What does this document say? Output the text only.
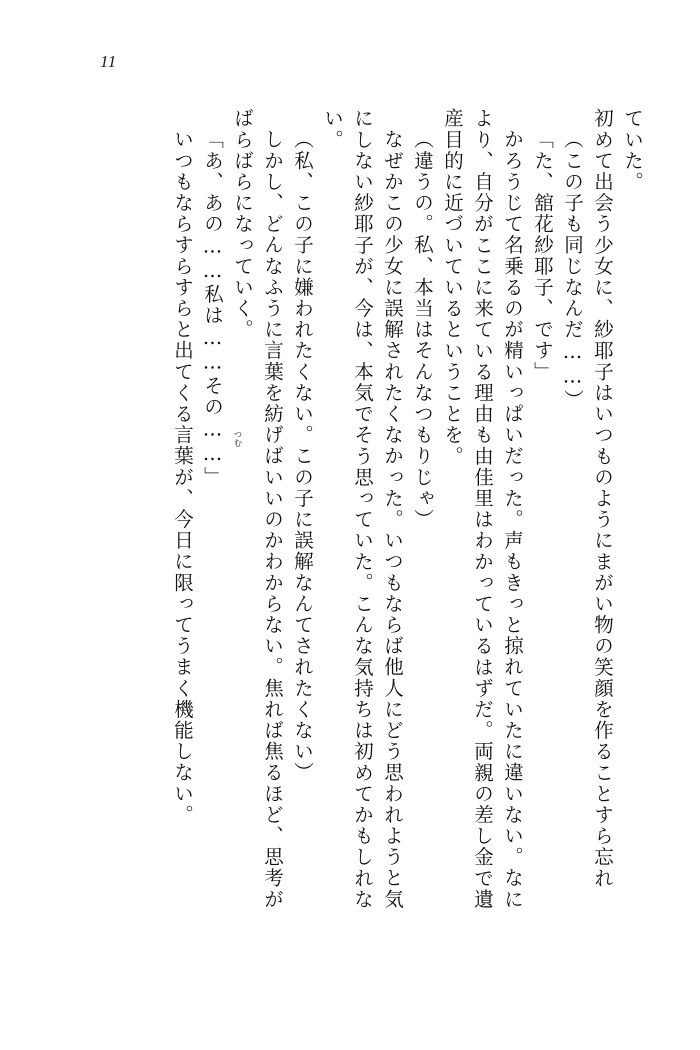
11
ていた。
初めて出会う少女に、紗耶子はいつものようにまがい物の笑顔を作ることすら忘れ
（この子も同じなんだ……）
「た、舘花紗耶子、です」
かろうじて名乗るのが精いっぱいだった。声もきっと掠れていたに違いない。なに
より、自分がここに来ている理由も由佳里はわかっているはずだ。両親の差し金で遺
産目的に近づいているということを。
（違うの。私、本当はそんなつもりじゃ）
なぜかこの少女に誤解されたくなかった。いつもならば他人にどう思われようと気
にしない紗耶子が、今は、本気でそう思っていた。こんな気持ちは初めてかもしれな
い。
（私、この子に嫌われたくない。この子に誤解なんてされたくない）
しかし、どんなふうに言葉を紡げばいいのかわからない。焦れば焦るほど、思考が
ばらばらになっていく。
「あ、あの……私は……その……」
いつもならすらすらと出てくる言葉が、今日に限ってうまく機能しない。	つむ
